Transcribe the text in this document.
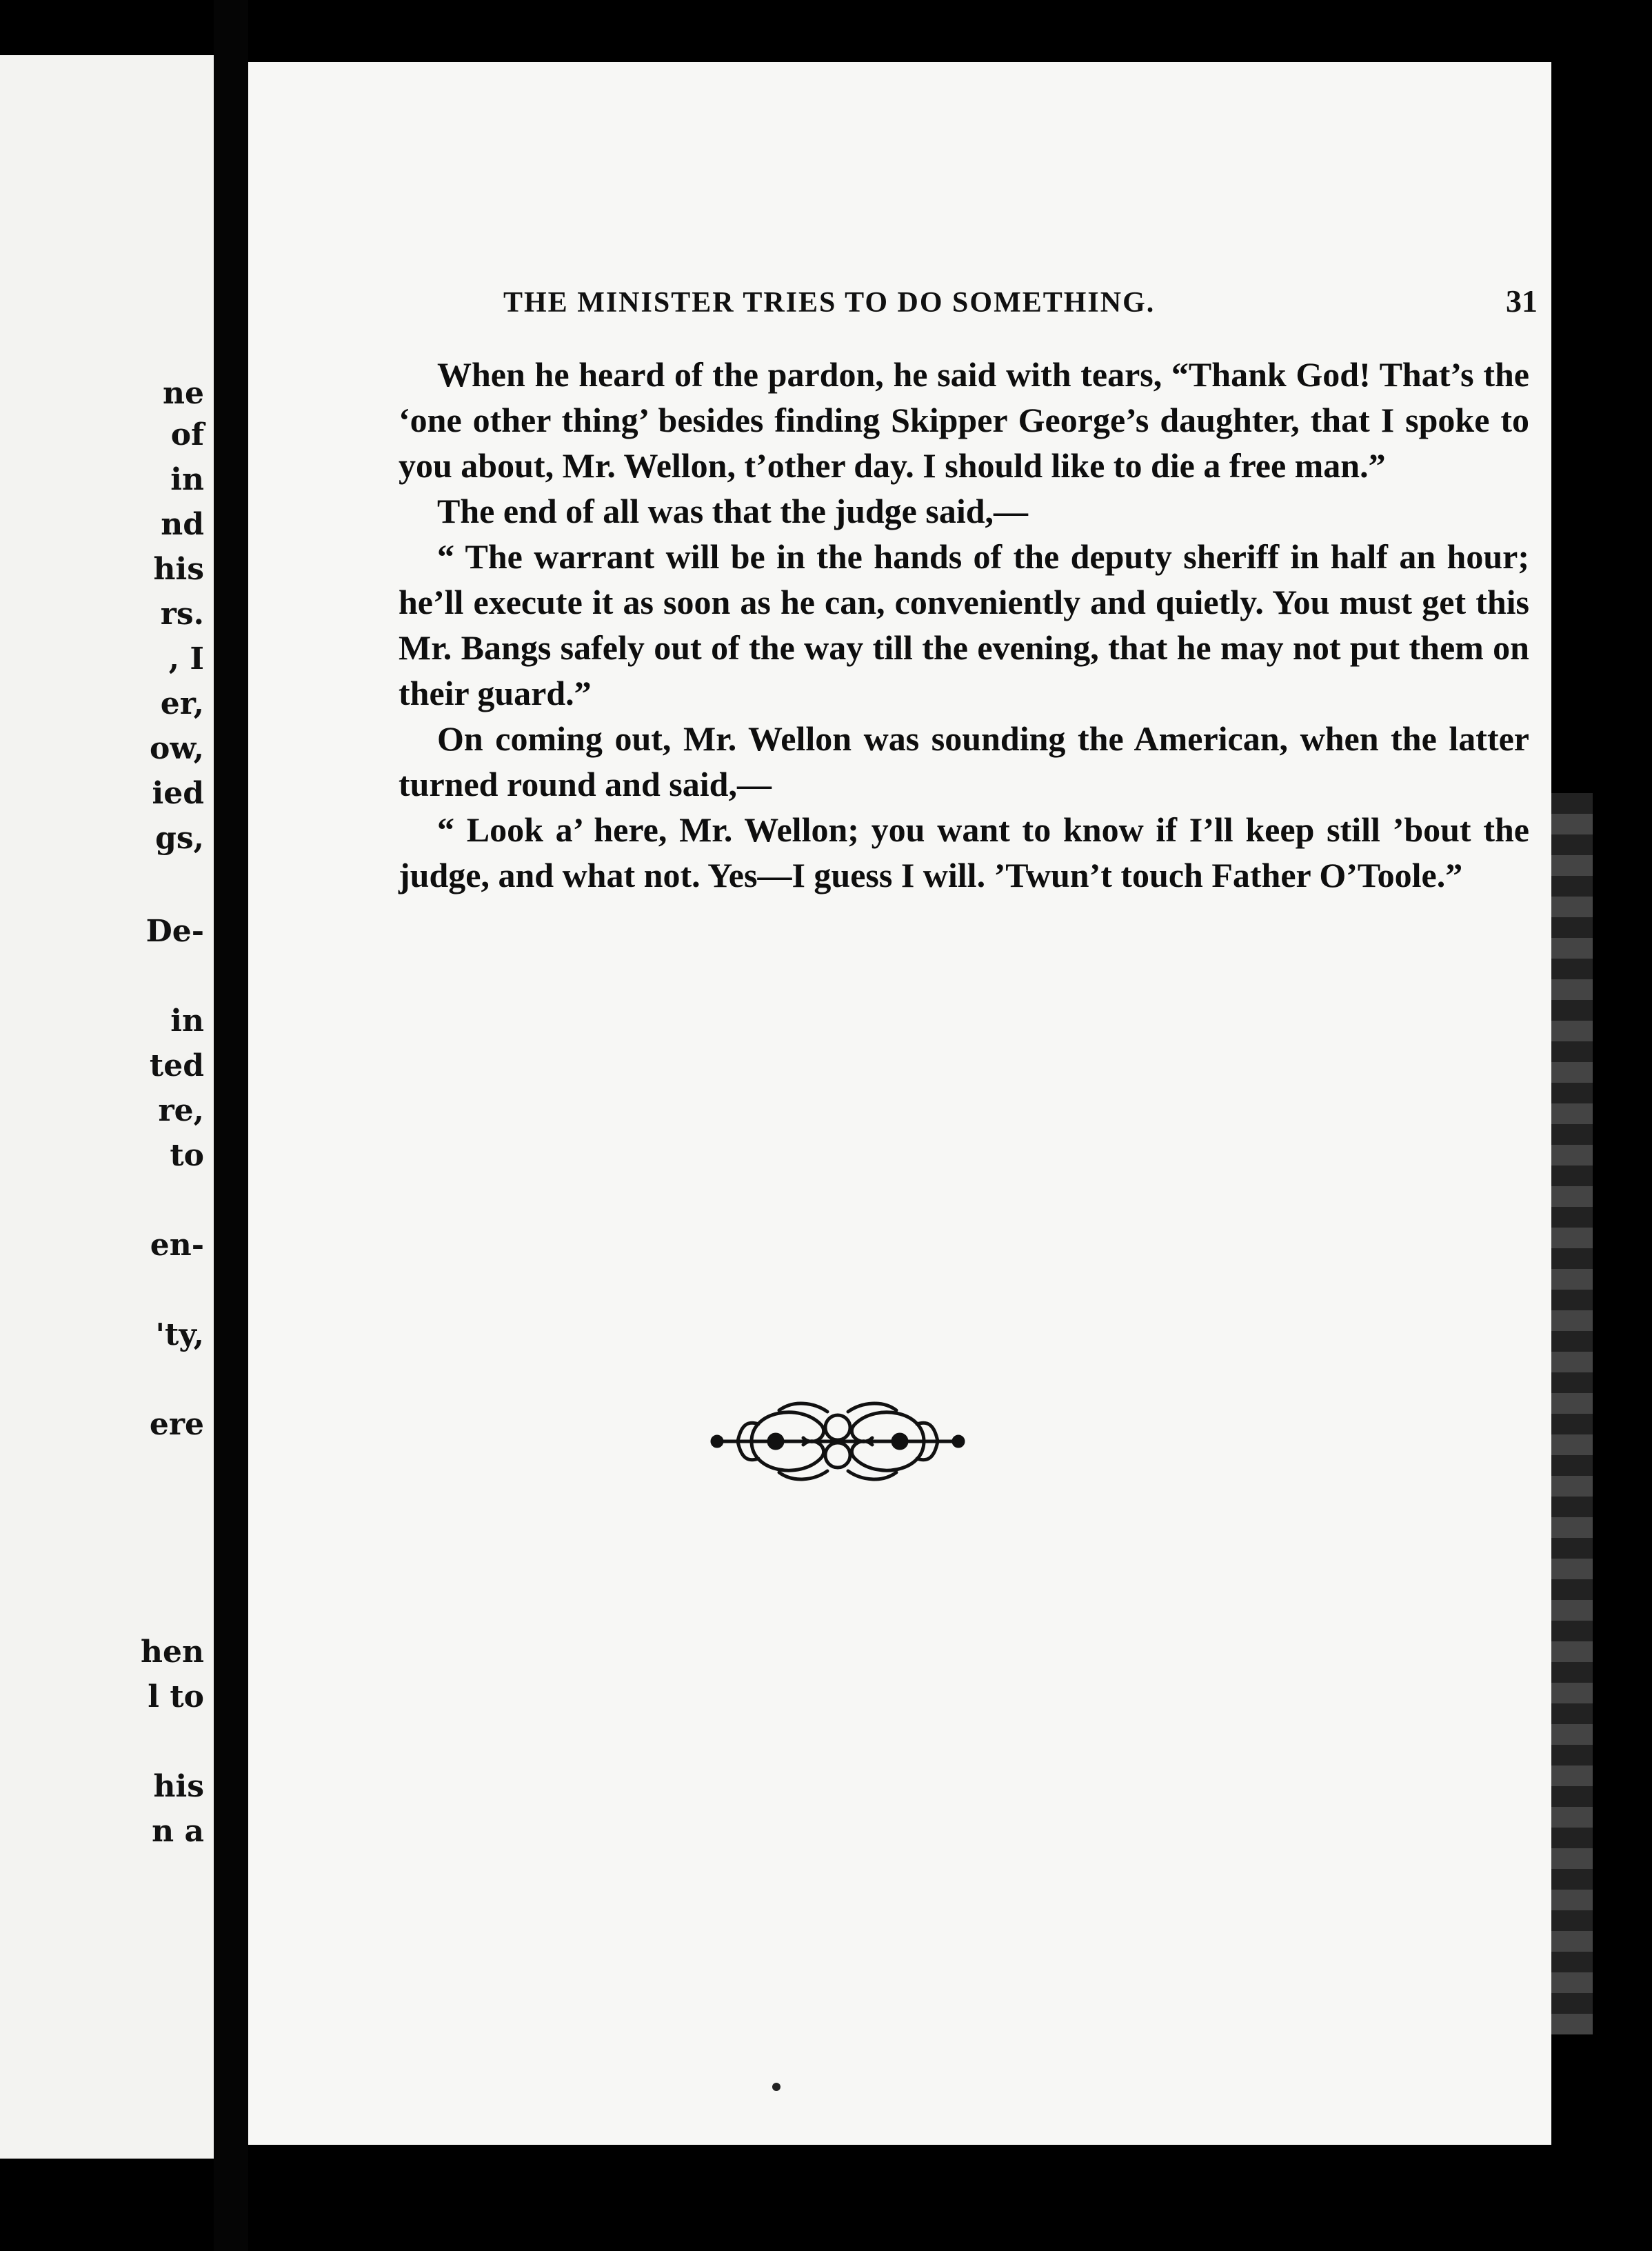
ne
of
in
nd
his
rs.
, I
er,
ow,
ied
gs,
De-
in
ted
re,
to
en-
'ty,
ere
hen
l to
his
n a
THE MINISTER TRIES TO DO SOMETHING.	31

When he heard of the pardon, he said with tears, “Thank God! That’s the ‘one other thing’ besides finding Skipper George’s daughter, that I spoke to you about, Mr. Wellon, t’other day. I should like to die a free man.”

The end of all was that the judge said,—

“ The warrant will be in the hands of the deputy sheriff in half an hour; he’ll execute it as soon as he can, conveniently and quietly. You must get this Mr. Bangs safely out of the way till the evening, that he may not put them on their guard.”

On coming out, Mr. Wellon was sounding the American, when the latter turned round and said,—

“ Look a’ here, Mr. Wellon; you want to know if I’ll keep still ’bout the judge, and what not. Yes—I guess I will. ’Twun’t touch Father O’Toole.”
